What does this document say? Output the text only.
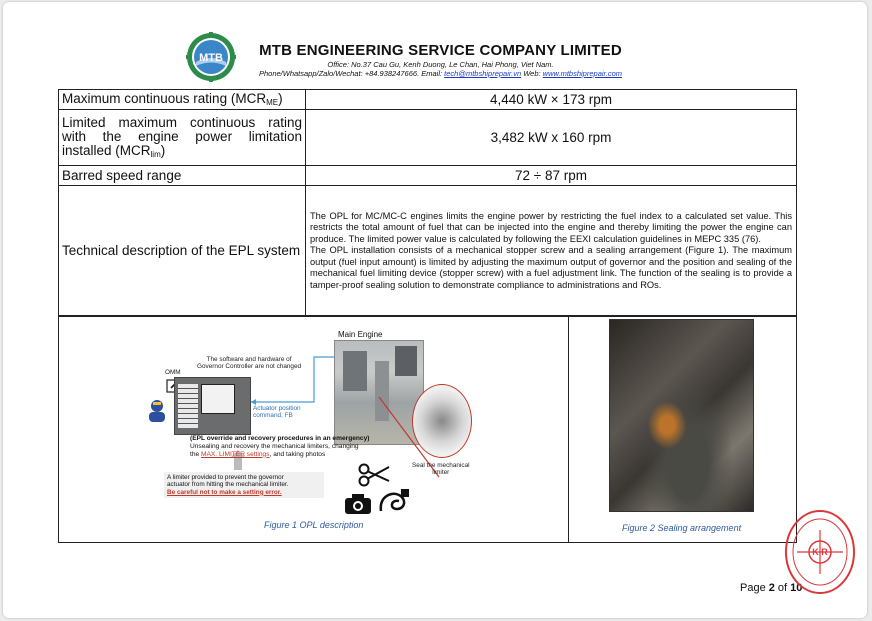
MTB	MTB ENGINEERING SERVICE COMPANY LIMITED
Office: No.37 Cau Gu, Kenh Duong, Le Chan, Hai Phong, Viet Nam.
Phone/Whatsapp/Zalo/Wechat: +84.938247666. Email: tech@mtbshiprepair.vn Web: www.mtbshiprepair.com
Maximum continuous rating $(MCR_{ME})$	4,440 kW × 173 rpm

Limited maximum continuous rating
with the engine power limitation
installed $(MCR_{lim})$	3,482 kW x 160 rpm
Barred speed range	72 ÷ 87 rpm
Technical description of the EPL system	The OPL for MC/MC-C engines limits the engine power by restricting the fuel index to a calculated set value. This restricts the total amount of fuel that can be injected into the engine and thereby limiting the power the engine can produce. The limited power value is calculated by following the EEXI calculation guidelines in MEPC 335 (76).
The OPL installation consists of a mechanical stopper screw and a sealing arrangement (Figure 1). The maximum output (fuel input amount) is limited by adjusting the maximum output of governor and the position and sealing of the mechanical fuel limiting device (stopper screw) with a fuel adjustment link. The function of the sealing is to provide a tamper-proof sealing solution to demonstrate compliance to administrations and ROs.
Main Engine
The software and hardware of
Governor Controller are not changed
OMM
Actuator position
command, FB
(EPL override and recovery procedures in an emergency)
Unsealing and recovery the mechanical limiters, changing
the MAX. LIMITER settings, and taking photos
Seal the mechanical
limiter
A limiter provided to prevent the governor
actuator from hitting the mechanical limiter.
Be careful not to make a setting error.
Figure 1 OPL description	Figure 2 Sealing arrangement
Page 2 of 10
K R
